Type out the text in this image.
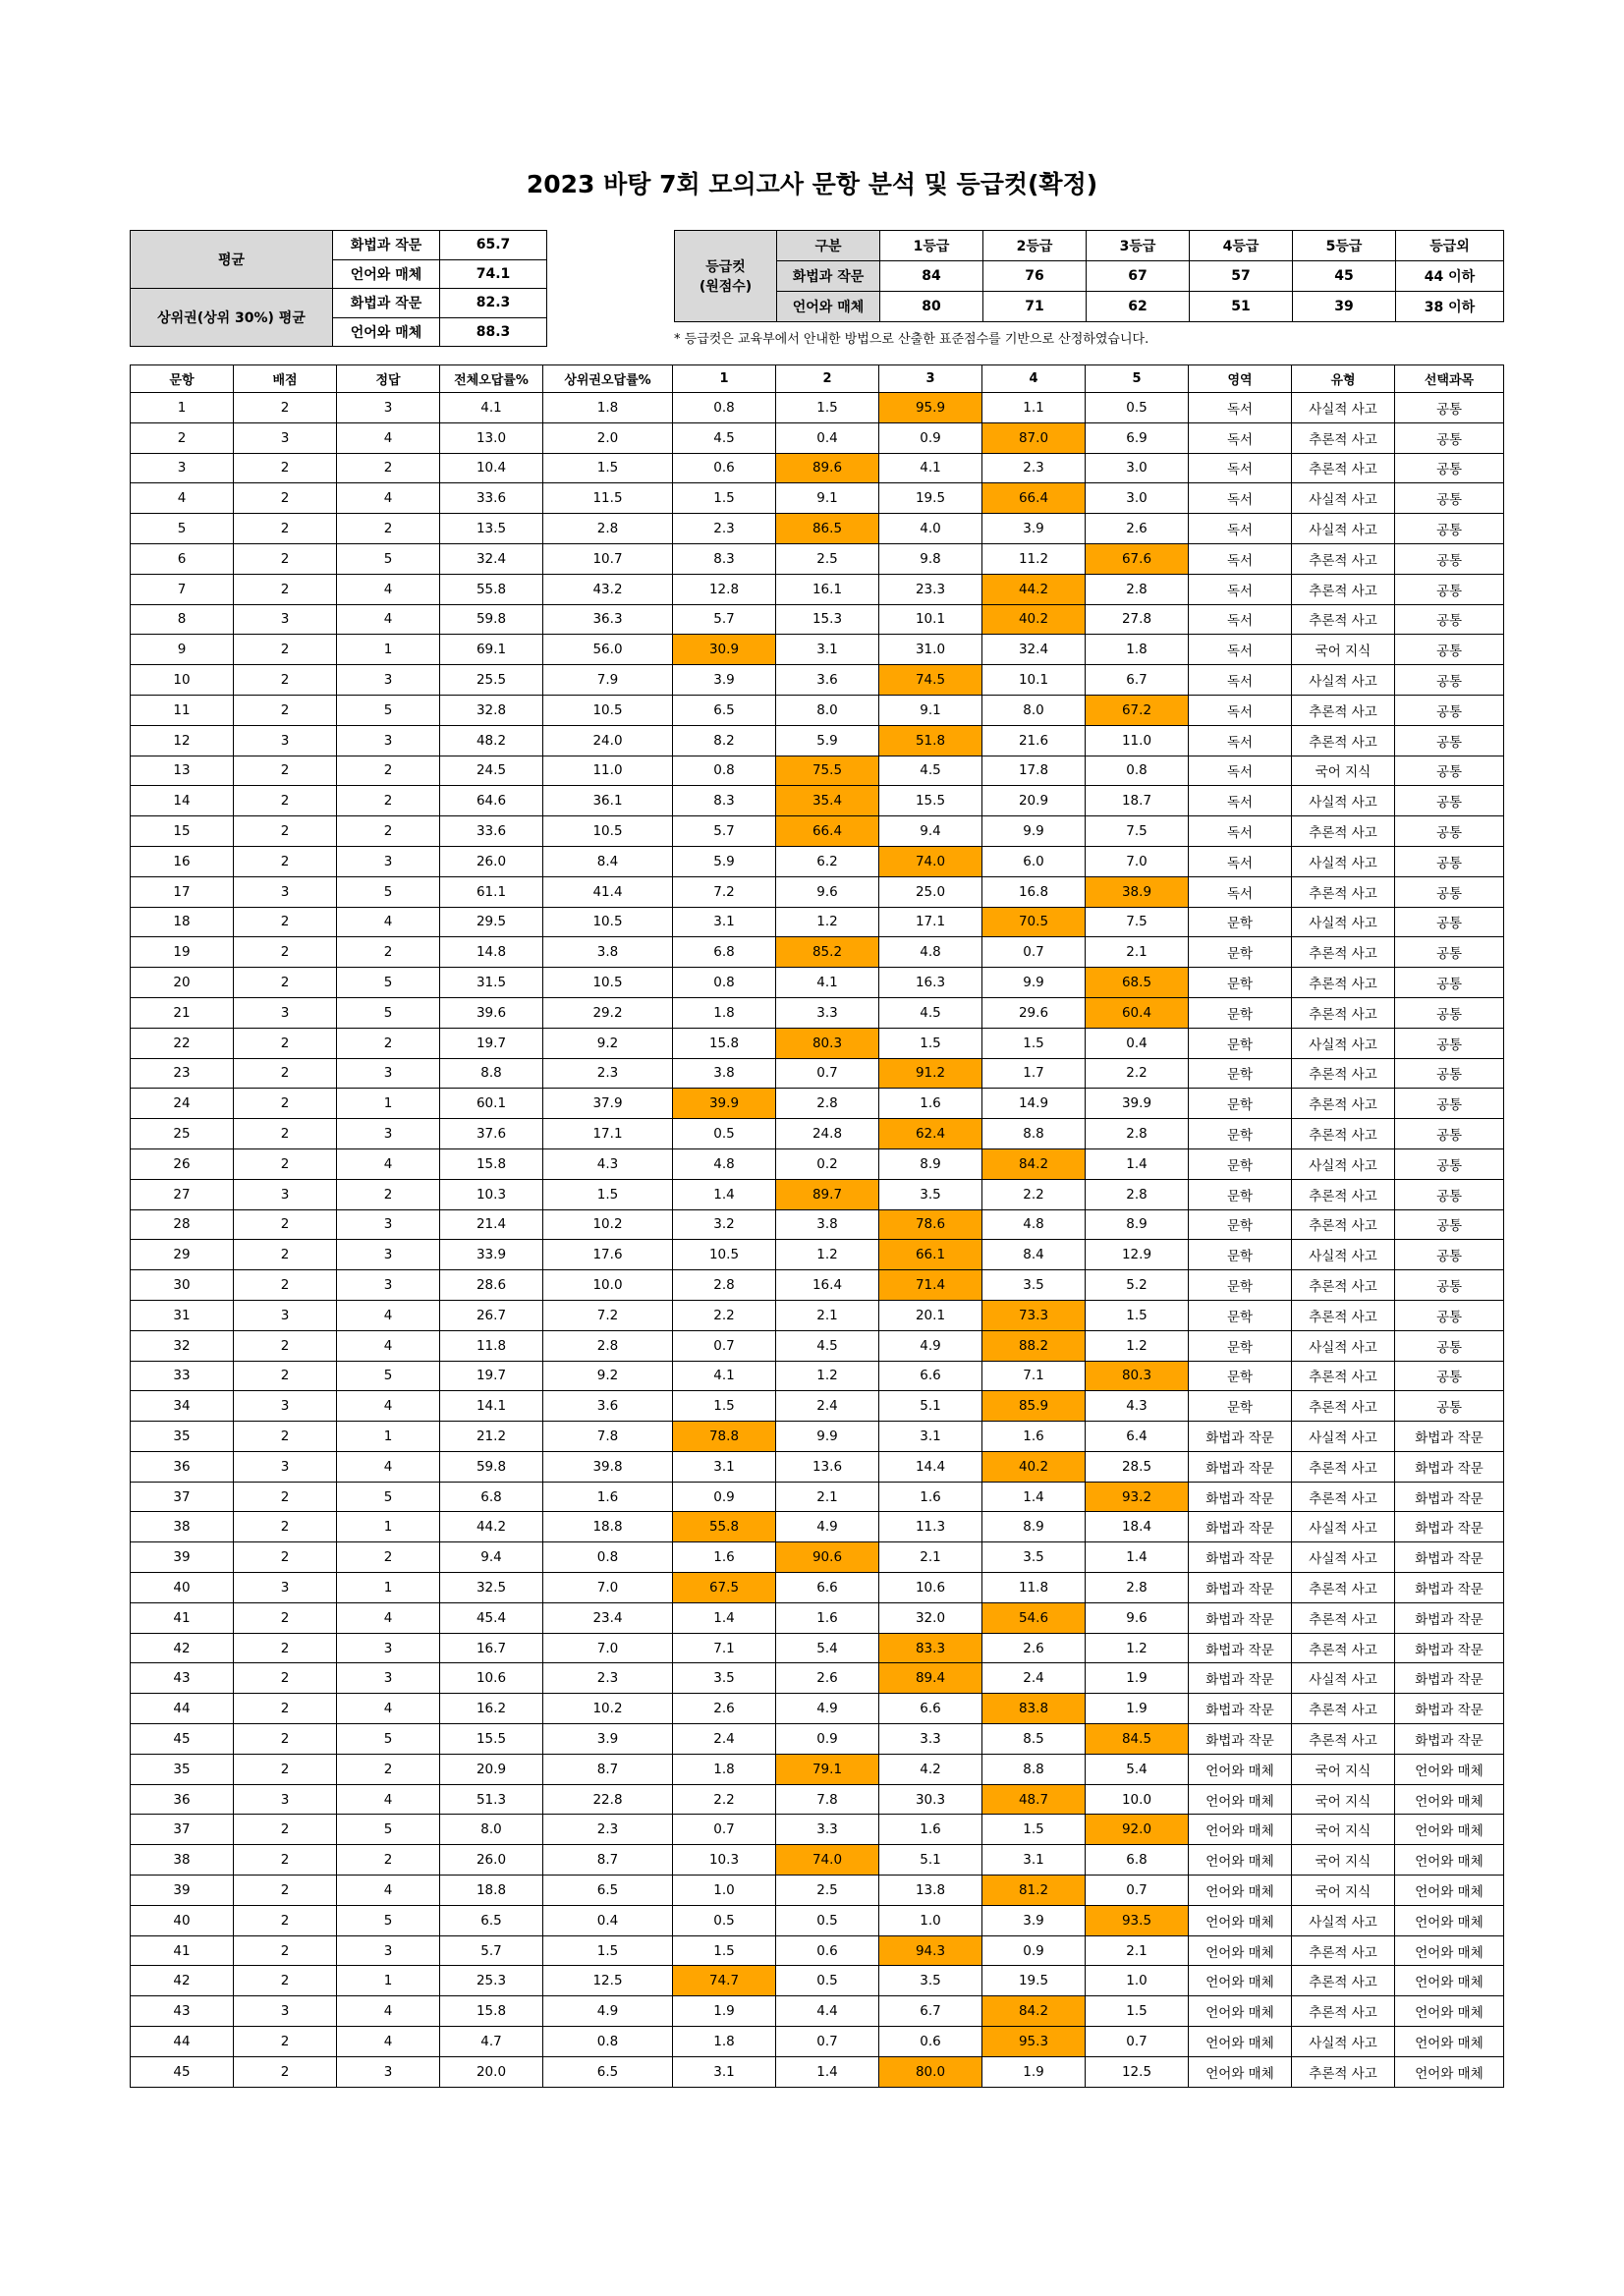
2023 바탕 7회 모의고사 문항 분석 및 등급컷(확정)
평균	화법과 작문	65.7
	언어와 매체	74.1
상위권(상위 30%) 평균	화법과 작문	82.3
	언어와 매체	88.3
등급컷
(원점수)	구분	1등급	2등급	3등급	4등급	5등급	등급외
	화법과 작문	84	76	67	57	45	44 이하
	언어와 매체	80	71	62	51	39	38 이하
* 등급컷은 교육부에서 안내한 방법으로 산출한 표준점수를 기반으로 산정하였습니다.
문항	배점	정답	전체오답률%	상위권오답률%	1	2	3	4	5	영역	유형	선택과목
1	2	3	4.1	1.8	0.8	1.5	95.9	1.1	0.5	독서	사실적 사고	공통
2	3	4	13.0	2.0	4.5	0.4	0.9	87.0	6.9	독서	추론적 사고	공통
3	2	2	10.4	1.5	0.6	89.6	4.1	2.3	3.0	독서	추론적 사고	공통
4	2	4	33.6	11.5	1.5	9.1	19.5	66.4	3.0	독서	사실적 사고	공통
5	2	2	13.5	2.8	2.3	86.5	4.0	3.9	2.6	독서	사실적 사고	공통
6	2	5	32.4	10.7	8.3	2.5	9.8	11.2	67.6	독서	추론적 사고	공통
7	2	4	55.8	43.2	12.8	16.1	23.3	44.2	2.8	독서	추론적 사고	공통
8	3	4	59.8	36.3	5.7	15.3	10.1	40.2	27.8	독서	추론적 사고	공통
9	2	1	69.1	56.0	30.9	3.1	31.0	32.4	1.8	독서	국어 지식	공통
10	2	3	25.5	7.9	3.9	3.6	74.5	10.1	6.7	독서	사실적 사고	공통
11	2	5	32.8	10.5	6.5	8.0	9.1	8.0	67.2	독서	추론적 사고	공통
12	3	3	48.2	24.0	8.2	5.9	51.8	21.6	11.0	독서	추론적 사고	공통
13	2	2	24.5	11.0	0.8	75.5	4.5	17.8	0.8	독서	국어 지식	공통
14	2	2	64.6	36.1	8.3	35.4	15.5	20.9	18.7	독서	사실적 사고	공통
15	2	2	33.6	10.5	5.7	66.4	9.4	9.9	7.5	독서	추론적 사고	공통
16	2	3	26.0	8.4	5.9	6.2	74.0	6.0	7.0	독서	사실적 사고	공통
17	3	5	61.1	41.4	7.2	9.6	25.0	16.8	38.9	독서	추론적 사고	공통
18	2	4	29.5	10.5	3.1	1.2	17.1	70.5	7.5	문학	사실적 사고	공통
19	2	2	14.8	3.8	6.8	85.2	4.8	0.7	2.1	문학	추론적 사고	공통
20	2	5	31.5	10.5	0.8	4.1	16.3	9.9	68.5	문학	추론적 사고	공통
21	3	5	39.6	29.2	1.8	3.3	4.5	29.6	60.4	문학	추론적 사고	공통
22	2	2	19.7	9.2	15.8	80.3	1.5	1.5	0.4	문학	사실적 사고	공통
23	2	3	8.8	2.3	3.8	0.7	91.2	1.7	2.2	문학	추론적 사고	공통
24	2	1	60.1	37.9	39.9	2.8	1.6	14.9	39.9	문학	추론적 사고	공통
25	2	3	37.6	17.1	0.5	24.8	62.4	8.8	2.8	문학	추론적 사고	공통
26	2	4	15.8	4.3	4.8	0.2	8.9	84.2	1.4	문학	사실적 사고	공통
27	3	2	10.3	1.5	1.4	89.7	3.5	2.2	2.8	문학	추론적 사고	공통
28	2	3	21.4	10.2	3.2	3.8	78.6	4.8	8.9	문학	추론적 사고	공통
29	2	3	33.9	17.6	10.5	1.2	66.1	8.4	12.9	문학	사실적 사고	공통
30	2	3	28.6	10.0	2.8	16.4	71.4	3.5	5.2	문학	추론적 사고	공통
31	3	4	26.7	7.2	2.2	2.1	20.1	73.3	1.5	문학	추론적 사고	공통
32	2	4	11.8	2.8	0.7	4.5	4.9	88.2	1.2	문학	사실적 사고	공통
33	2	5	19.7	9.2	4.1	1.2	6.6	7.1	80.3	문학	추론적 사고	공통
34	3	4	14.1	3.6	1.5	2.4	5.1	85.9	4.3	문학	추론적 사고	공통
35	2	1	21.2	7.8	78.8	9.9	3.1	1.6	6.4	화법과 작문	사실적 사고	화법과 작문
36	3	4	59.8	39.8	3.1	13.6	14.4	40.2	28.5	화법과 작문	추론적 사고	화법과 작문
37	2	5	6.8	1.6	0.9	2.1	1.6	1.4	93.2	화법과 작문	추론적 사고	화법과 작문
38	2	1	44.2	18.8	55.8	4.9	11.3	8.9	18.4	화법과 작문	사실적 사고	화법과 작문
39	2	2	9.4	0.8	1.6	90.6	2.1	3.5	1.4	화법과 작문	사실적 사고	화법과 작문
40	3	1	32.5	7.0	67.5	6.6	10.6	11.8	2.8	화법과 작문	추론적 사고	화법과 작문
41	2	4	45.4	23.4	1.4	1.6	32.0	54.6	9.6	화법과 작문	추론적 사고	화법과 작문
42	2	3	16.7	7.0	7.1	5.4	83.3	2.6	1.2	화법과 작문	추론적 사고	화법과 작문
43	2	3	10.6	2.3	3.5	2.6	89.4	2.4	1.9	화법과 작문	사실적 사고	화법과 작문
44	2	4	16.2	10.2	2.6	4.9	6.6	83.8	1.9	화법과 작문	추론적 사고	화법과 작문
45	2	5	15.5	3.9	2.4	0.9	3.3	8.5	84.5	화법과 작문	추론적 사고	화법과 작문
35	2	2	20.9	8.7	1.8	79.1	4.2	8.8	5.4	언어와 매체	국어 지식	언어와 매체
36	3	4	51.3	22.8	2.2	7.8	30.3	48.7	10.0	언어와 매체	국어 지식	언어와 매체
37	2	5	8.0	2.3	0.7	3.3	1.6	1.5	92.0	언어와 매체	국어 지식	언어와 매체
38	2	2	26.0	8.7	10.3	74.0	5.1	3.1	6.8	언어와 매체	국어 지식	언어와 매체
39	2	4	18.8	6.5	1.0	2.5	13.8	81.2	0.7	언어와 매체	국어 지식	언어와 매체
40	2	5	6.5	0.4	0.5	0.5	1.0	3.9	93.5	언어와 매체	사실적 사고	언어와 매체
41	2	3	5.7	1.5	1.5	0.6	94.3	0.9	2.1	언어와 매체	추론적 사고	언어와 매체
42	2	1	25.3	12.5	74.7	0.5	3.5	19.5	1.0	언어와 매체	추론적 사고	언어와 매체
43	3	4	15.8	4.9	1.9	4.4	6.7	84.2	1.5	언어와 매체	추론적 사고	언어와 매체
44	2	4	4.7	0.8	1.8	0.7	0.6	95.3	0.7	언어와 매체	사실적 사고	언어와 매체
45	2	3	20.0	6.5	3.1	1.4	80.0	1.9	12.5	언어와 매체	추론적 사고	언어와 매체
